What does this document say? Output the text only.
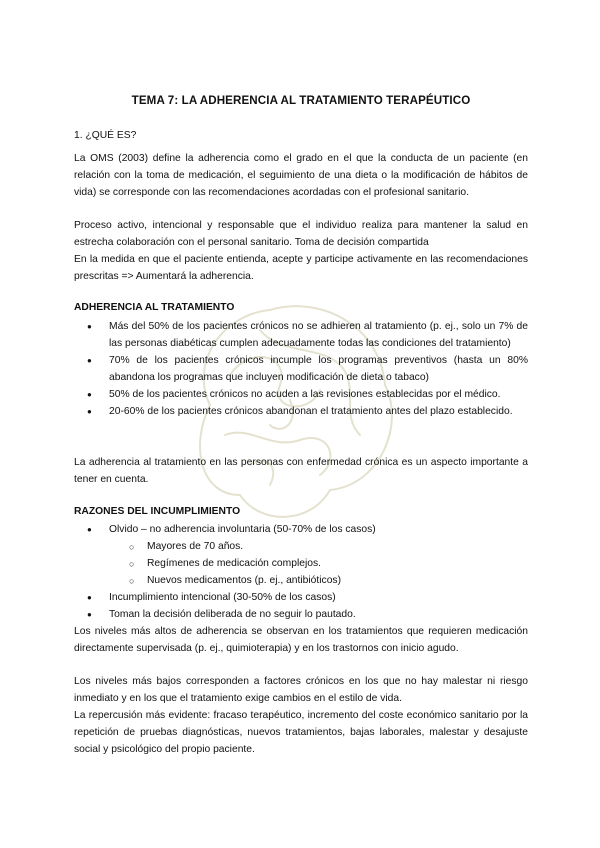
TEMA 7: LA ADHERENCIA AL TRATAMIENTO TERAPÉUTICO
1. ¿QUÉ ES?

La OMS (2003) define la adherencia como el grado en el que la conducta de un paciente (en relación con la toma de medicación, el seguimiento de una dieta o la modificación de hábitos de vida) se corresponde con las recomendaciones acordadas con el profesional sanitario.

Proceso activo, intencional y responsable que el individuo realiza para mantener la salud en estrecha colaboración con el personal sanitario. Toma de decisión compartida

En la medida en que el paciente entienda, acepte y participe activamente en las recomendaciones prescritas => Aumentará la adherencia.

ADHERENCIA AL TRATAMIENTO
● Más del 50% de los pacientes crónicos no se adhieren al tratamiento (p. ej., solo un 7% de las personas diabéticas cumplen adecuadamente todas las condiciones del tratamiento)
● 70% de los pacientes crónicos incumple los programas preventivos (hasta un 80% abandona los programas que incluyen modificación de dieta o tabaco)
● 50% de los pacientes crónicos no acuden a las revisiones establecidas por el médico.
● 20-60% de los pacientes crónicos abandonan el tratamiento antes del plazo establecido.

La adherencia al tratamiento en las personas con enfermedad crónica es un aspecto importante a tener en cuenta.

RAZONES DEL INCUMPLIMIENTO
● Olvido – no adherencia involuntaria (50-70% de los casos)
○ Mayores de 70 años.
○ Regímenes de medicación complejos.
○ Nuevos medicamentos (p. ej., antibióticos)
● Incumplimiento intencional (30-50% de los casos)
● Toman la decisión deliberada de no seguir lo pautado.

Los niveles más altos de adherencia se observan en los tratamientos que requieren medicación directamente supervisada (p. ej., quimioterapia) y en los trastornos con inicio agudo.

Los niveles más bajos corresponden a factores crónicos en los que no hay malestar ni riesgo inmediato y en los que el tratamiento exige cambios en el estilo de vida.

La repercusión más evidente: fracaso terapéutico, incremento del coste económico sanitario por la repetición de pruebas diagnósticas, nuevos tratamientos, bajas laborales, malestar y desajuste social y psicológico del propio paciente.
